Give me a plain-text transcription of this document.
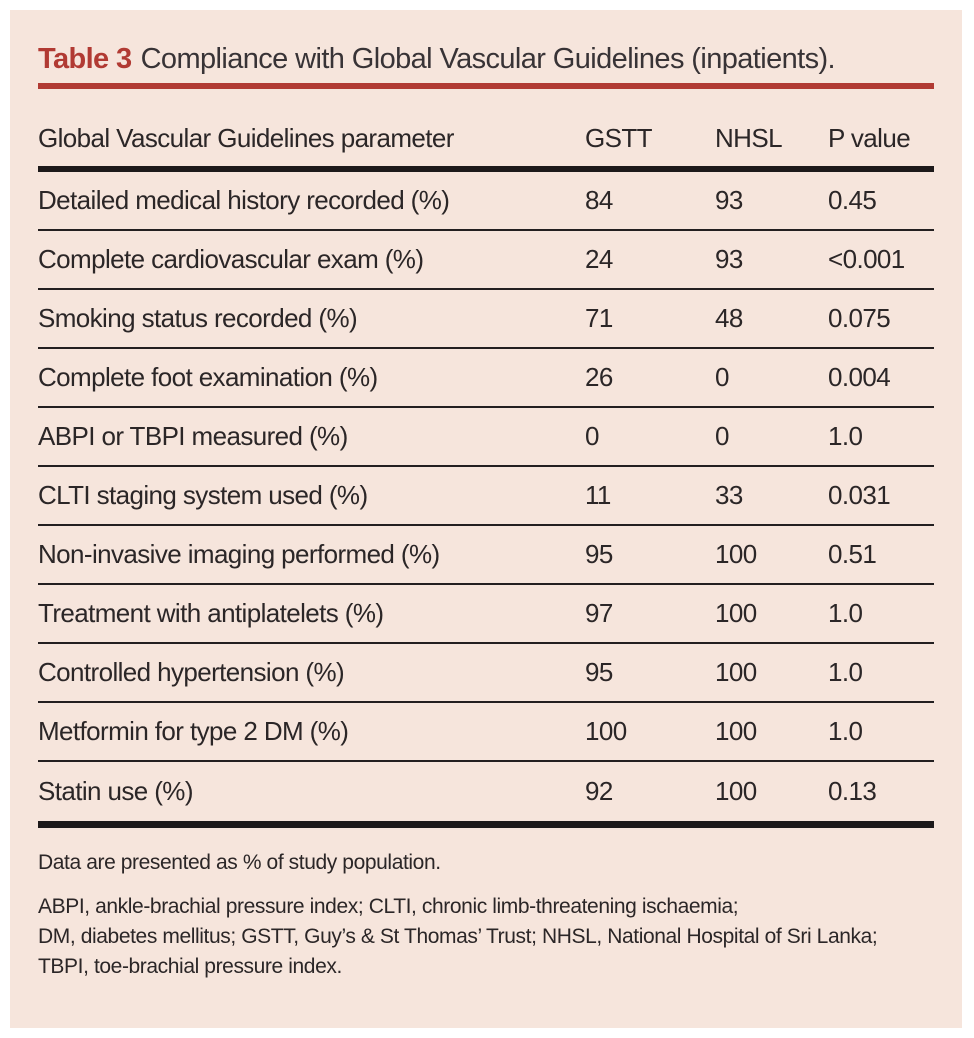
Table 3 Compliance with Global Vascular Guidelines (inpatients).
Global Vascular Guidelines parameter	GSTT	NHSL	P value
Detailed medical history recorded (%)	84	93	0.45
Complete cardiovascular exam (%)	24	93	<0.001
Smoking status recorded (%)	71	48	0.075
Complete foot examination (%)	26	0	0.004
ABPI or TBPI measured (%)	0	0	1.0
CLTI staging system used (%)	11	33	0.031
Non-invasive imaging performed (%)	95	100	0.51
Treatment with antiplatelets (%)	97	100	1.0
Controlled hypertension (%)	95	100	1.0
Metformin for type 2 DM (%)	100	100	1.0
Statin use (%)	92	100	0.13
Data are presented as % of study population.
ABPI, ankle-brachial pressure index; CLTI, chronic limb-threatening ischaemia;
DM, diabetes mellitus; GSTT, Guy’s & St Thomas’ Trust; NHSL, National Hospital of Sri Lanka;
TBPI, toe-brachial pressure index.
